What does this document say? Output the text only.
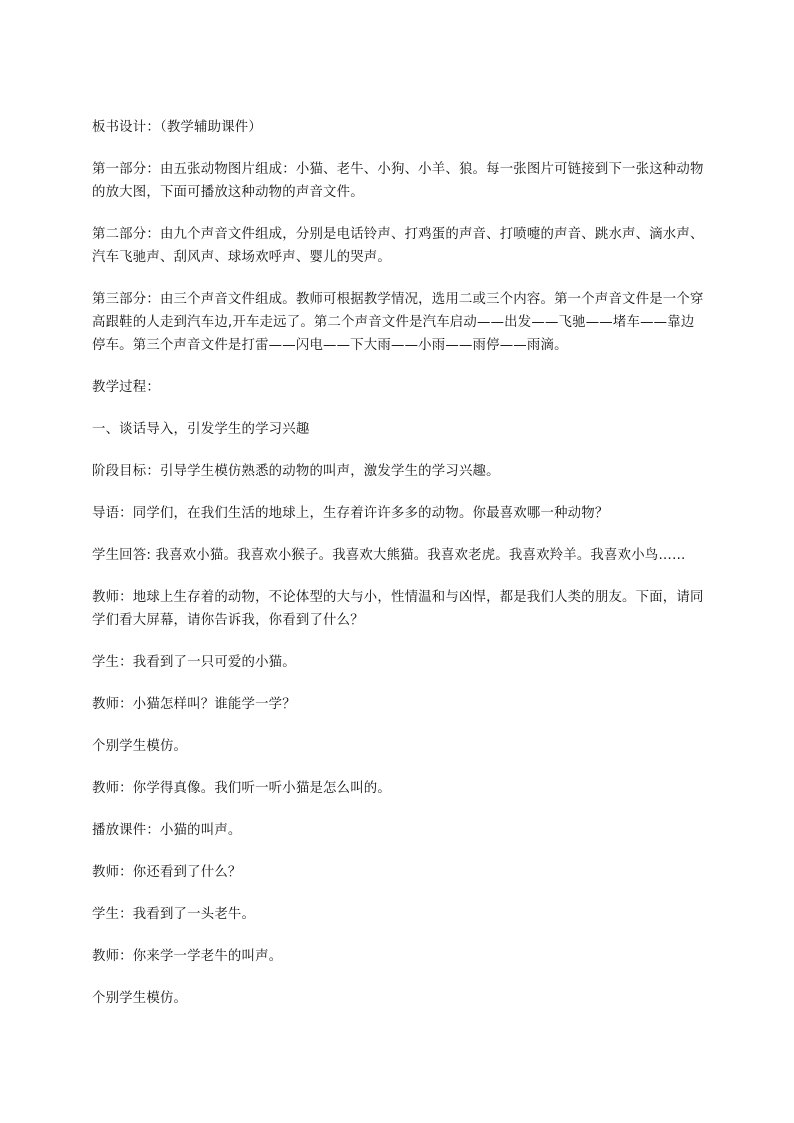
板书设计：（教学辅助课件）

第一部分：由五张动物图片组成：小猫、老牛、小狗、小羊、狼。每一张图片可链接到下一张这种动物的放大图，下面可播放这种动物的声音文件。

第二部分：由九个声音文件组成，分别是电话铃声、打鸡蛋的声音、打喷嚏的声音、跳水声、滴水声、汽车飞驰声、刮风声、球场欢呼声、婴儿的哭声。

第三部分：由三个声音文件组成。教师可根据教学情况，选用二或三个内容。第一个声音文件是一个穿高跟鞋的人走到汽车边,开车走远了。第二个声音文件是汽车启动——出发——飞驰——堵车——靠边停车。第三个声音文件是打雷——闪电——下大雨——小雨——雨停——雨滴。

教学过程：

一、谈话导入，引发学生的学习兴趣

阶段目标：引导学生模仿熟悉的动物的叫声，激发学生的学习兴趣。

导语：同学们，在我们生活的地球上，生存着许许多多的动物。你最喜欢哪一种动物？

学生回答: 我喜欢小猫。我喜欢小猴子。我喜欢大熊猫。我喜欢老虎。我喜欢羚羊。我喜欢小鸟……

教师：地球上生存着的动物，不论体型的大与小，性情温和与凶悍，都是我们人类的朋友。下面，请同学们看大屏幕，请你告诉我，你看到了什么？

学生：我看到了一只可爱的小猫。

教师：小猫怎样叫？谁能学一学？

个别学生模仿。

教师：你学得真像。我们听一听小猫是怎么叫的。

播放课件：小猫的叫声。

教师：你还看到了什么？

学生：我看到了一头老牛。

教师：你来学一学老牛的叫声。

个别学生模仿。
